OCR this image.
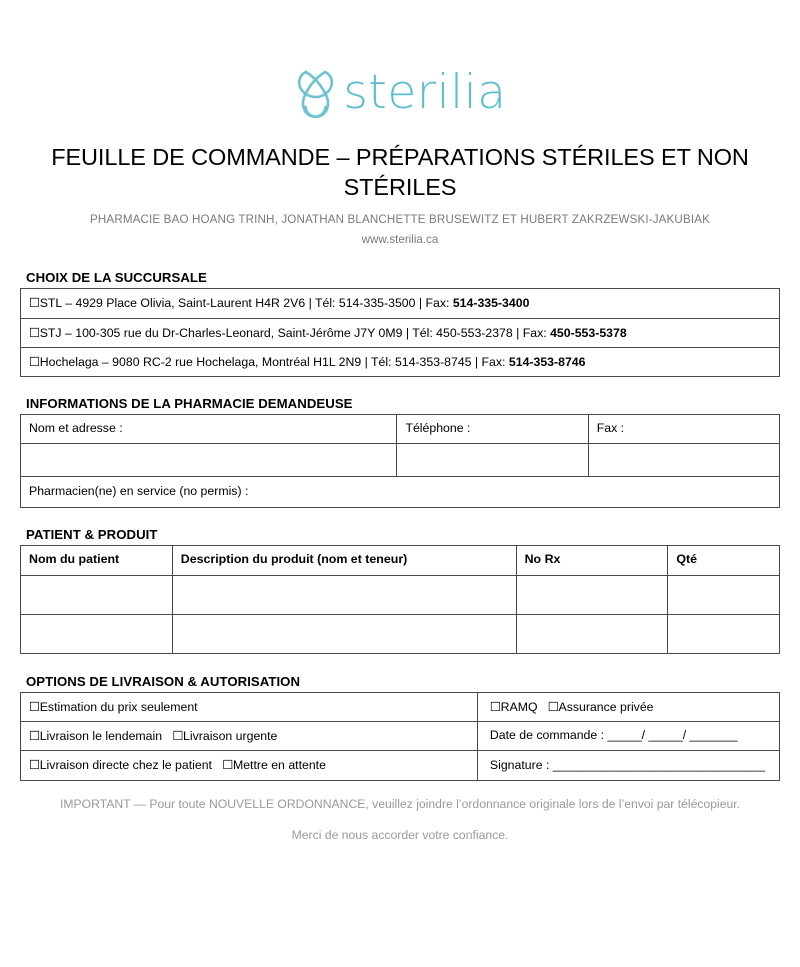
sterilia
FEUILLE DE COMMANDE – PRÉPARATIONS STÉRILES ET NON STÉRILES

PHARMACIE BAO HOANG TRINH, JONATHAN BLANCHETTE BRUSEWITZ ET HUBERT ZAKRZEWSKI-JAKUBIAK

www.sterilia.ca

CHOIX DE LA SUCCURSALE
☐STL – 4929 Place Olivia, Saint-Laurent H4R 2V6 | Tél: 514-335-3500 | Fax: 514-335-3400
☐STJ – 100-305 rue du Dr-Charles-Leonard, Saint-Jérôme J7Y 0M9 | Tél: 450-553-2378 | Fax: 450-553-5378
☐Hochelaga – 9080 RC-2 rue Hochelaga, Montréal H1L 2N9 | Tél: 514-353-8745 | Fax: 514-353-8746
INFORMATIONS DE LA PHARMACIE DEMANDEUSE
Nom et adresse :	Téléphone :	Fax :

Pharmacien(ne) en service (no permis) :		
PATIENT & PRODUIT
Nom du patient	Description du produit (nom et teneur)	No Rx	Qté

OPTIONS DE LIVRAISON & AUTORISATION
☐Estimation du prix seulement	☐RAMQ ☐Assurance privée
☐Livraison le lendemain ☐Livraison urgente	Date de commande : _____/ _____/ _______
☐Livraison directe chez le patient ☐Mettre en attente	Signature : _______________________________
IMPORTANT — Pour toute NOUVELLE ORDONNANCE, veuillez joindre l’ordonnance originale lors de l’envoi par télécopieur.
Merci de nous accorder votre confiance.
